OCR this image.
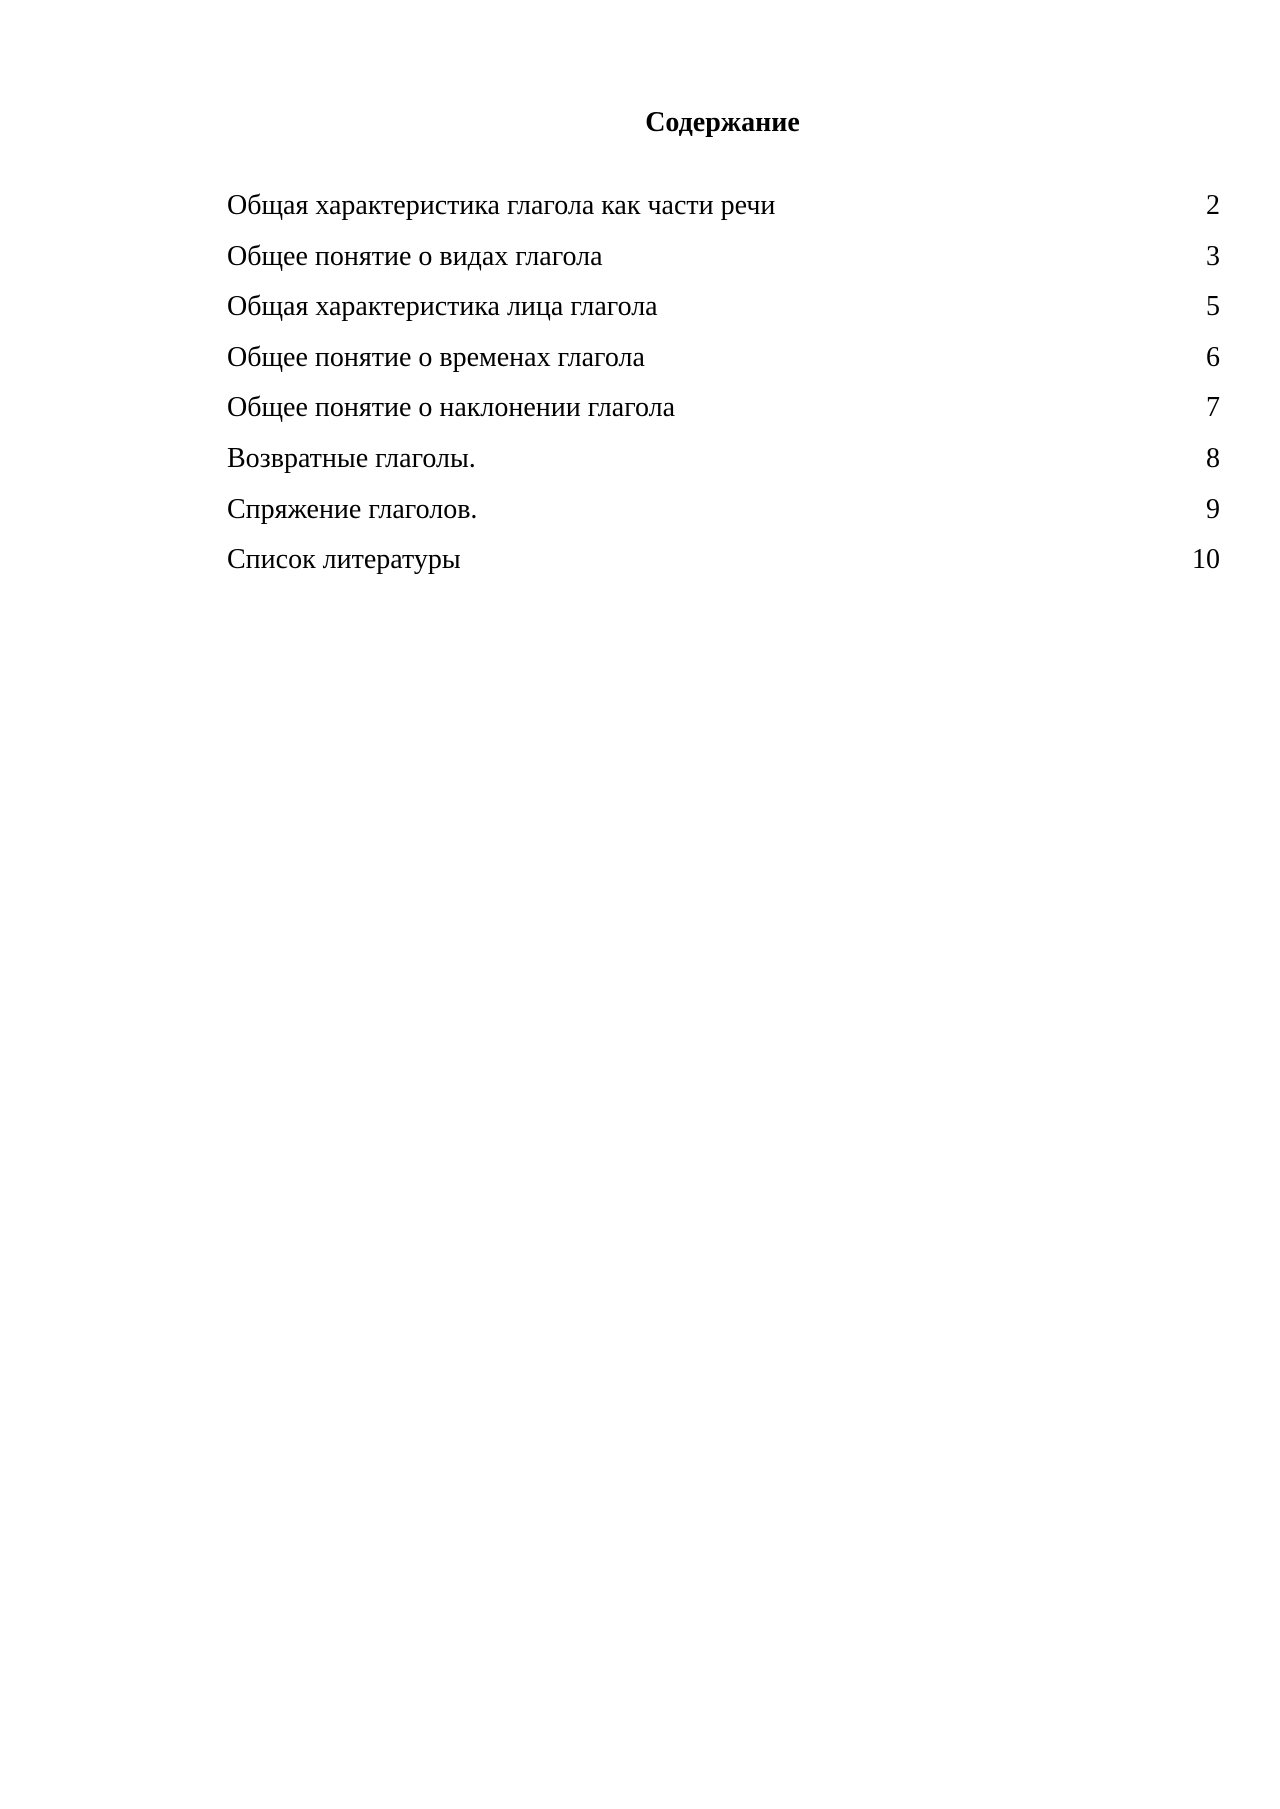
Содержание
Общая характеристика глагола как части речи	2
Общее понятие о видах глагола	3
Общая характеристика лица глагола	5
Общее понятие о временах глагола	6
Общее понятие о наклонении глагола	7
Возвратные глаголы.	8
Спряжение глаголов.	9
Список литературы	10
